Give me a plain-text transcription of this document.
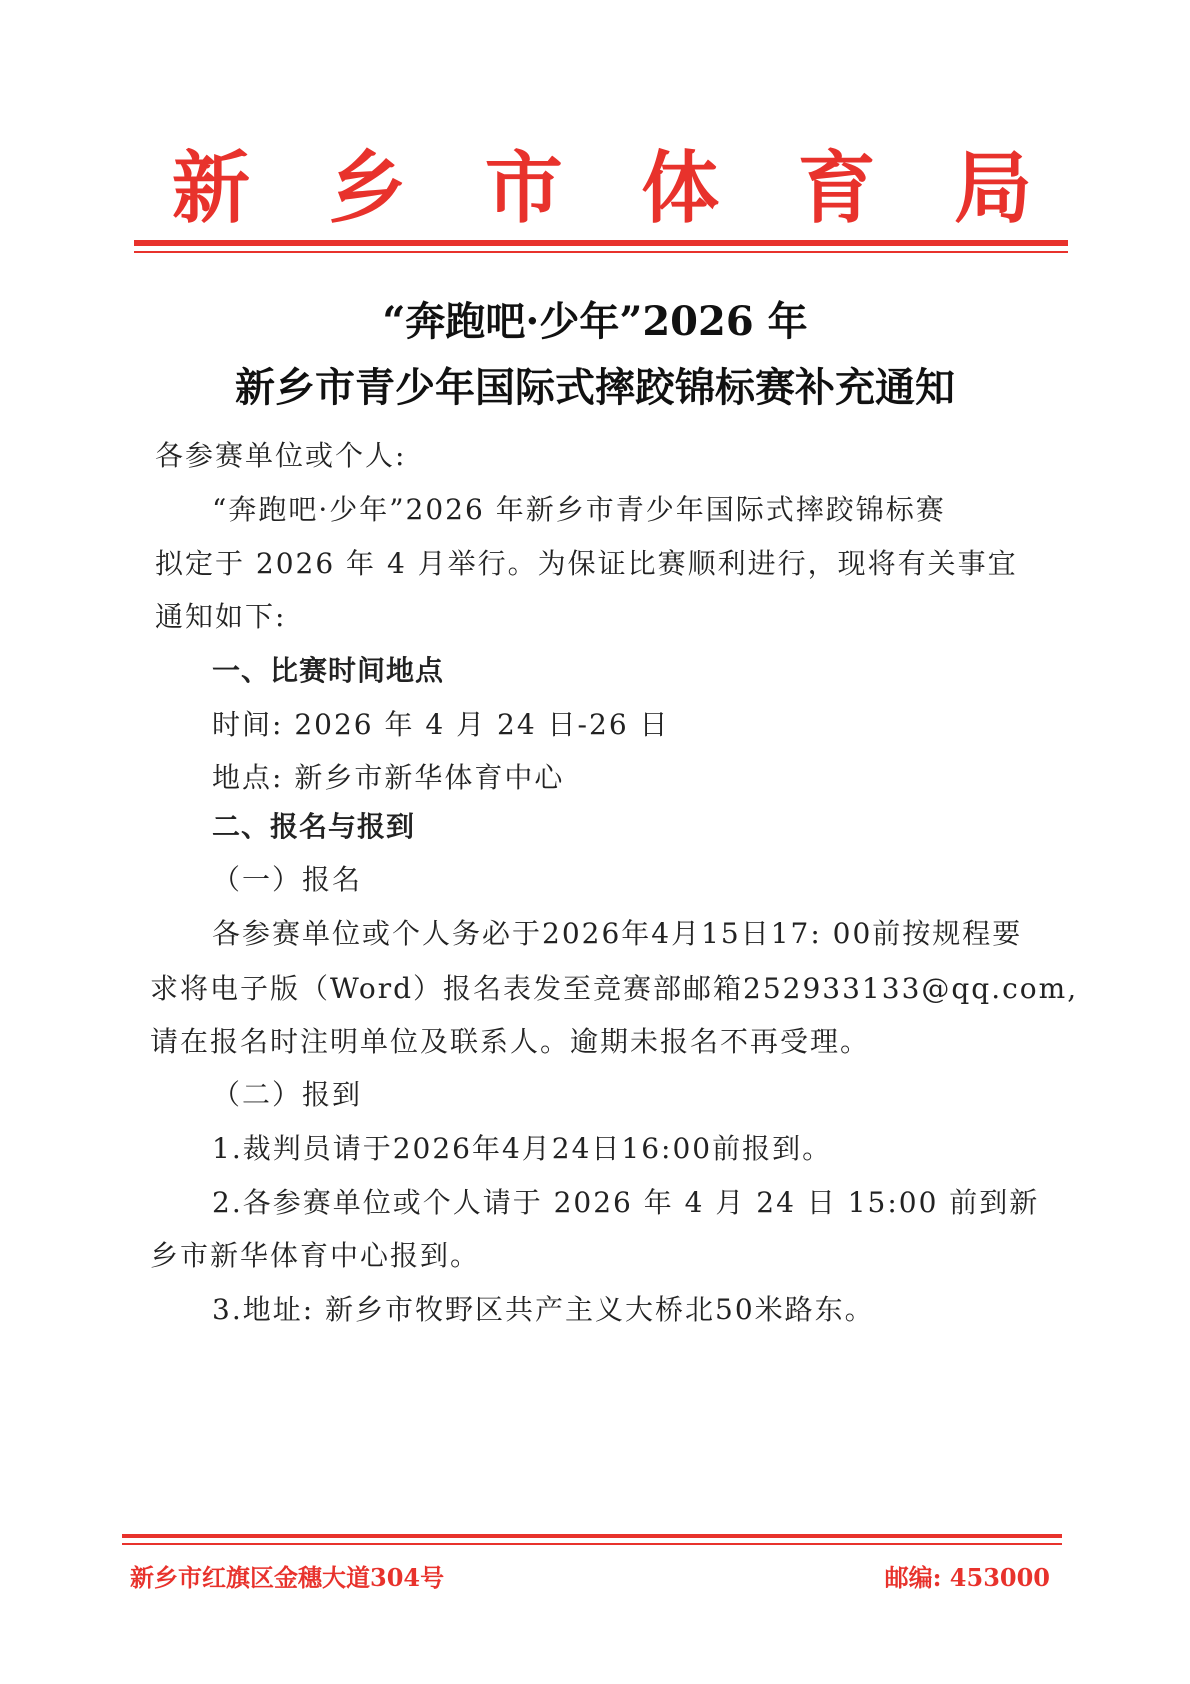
新 乡 市 体 育 局
“奔跑吧·少年”2026 年
新乡市青少年国际式摔跤锦标赛补充通知
各参赛单位或个人:
“奔跑吧·少年”2026 年新乡市青少年国际式摔跤锦标赛
拟定于 2026 年 4 月举行。为保证比赛顺利进行，现将有关事宜
通知如下:
一、比赛时间地点
时间: 2026 年 4 月 24 日-26 日
地点: 新乡市新华体育中心
二、报名与报到
（一）报名
各参赛单位或个人务必于2026年4月15日17: 00前按规程要
求将电子版（Word）报名表发至竞赛部邮箱252933133@qq.com,
请在报名时注明单位及联系人。逾期未报名不再受理。
（二）报到
1.裁判员请于2026年4月24日16:00前报到。
2.各参赛单位或个人请于 2026 年 4 月 24 日 15:00 前到新
乡市新华体育中心报到。
3.地址: 新乡市牧野区共产主义大桥北50米路东。
新乡市红旗区金穗大道304号	邮编: 453000
